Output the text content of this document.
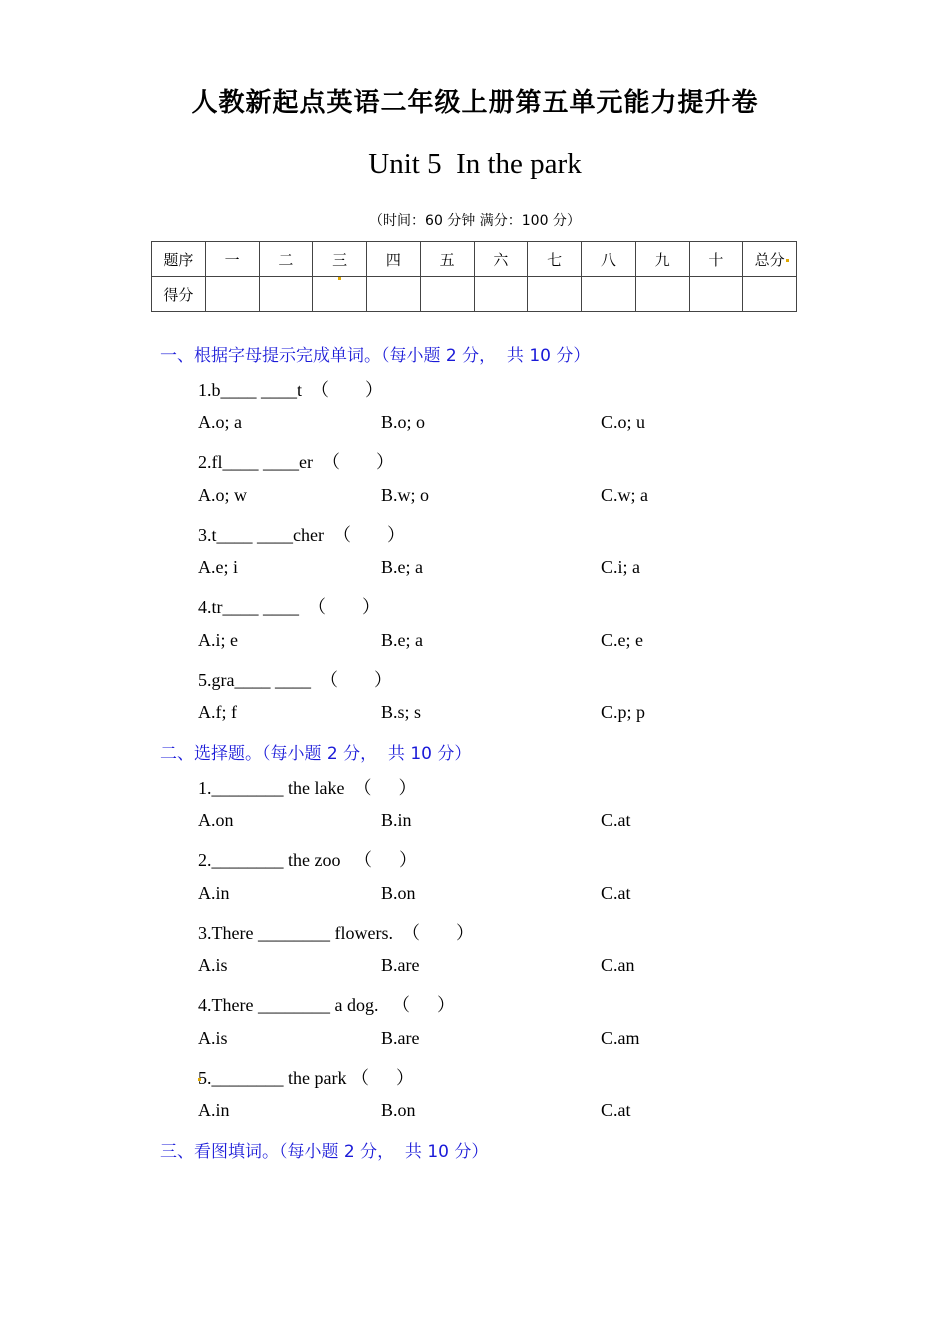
人教新起点英语二年级上册第五单元能力提升卷
Unit 5  In the park
（时间：60 分钟 满分：100 分）
题序	一	二	三	四	五	六	七	八	九	十	总分
得分											
一、根据字母提示完成单词。（每小题 2 分，  共 10 分）
1.b____ ____t  （        ）
A.o; a	B.o; o	C.o; u
2.fl____ ____er  （        ）
A.o; w	B.w; o	C.w; a
3.t____ ____cher  （        ）
A.e; i	B.e; a	C.i; a
4.tr____ ____  （        ）
A.i; e	B.e; a	C.e; e
5.gra____ ____  （        ）
A.f; f	B.s; s	C.p; p
二、选择题。（每小题 2 分，  共 10 分）
1.________ the lake  （      ）
A.on	B.in	C.at
2.________ the zoo   （      ）
A.in	B.on	C.at
3.There ________ flowers.  （        ）
A.is	B.are	C.an
4.There ________ a dog.   （      ）
A.is	B.are	C.am
5.________ the park （      ）
A.in	B.on	C.at
三、看图填词。（每小题 2 分，  共 10 分）
